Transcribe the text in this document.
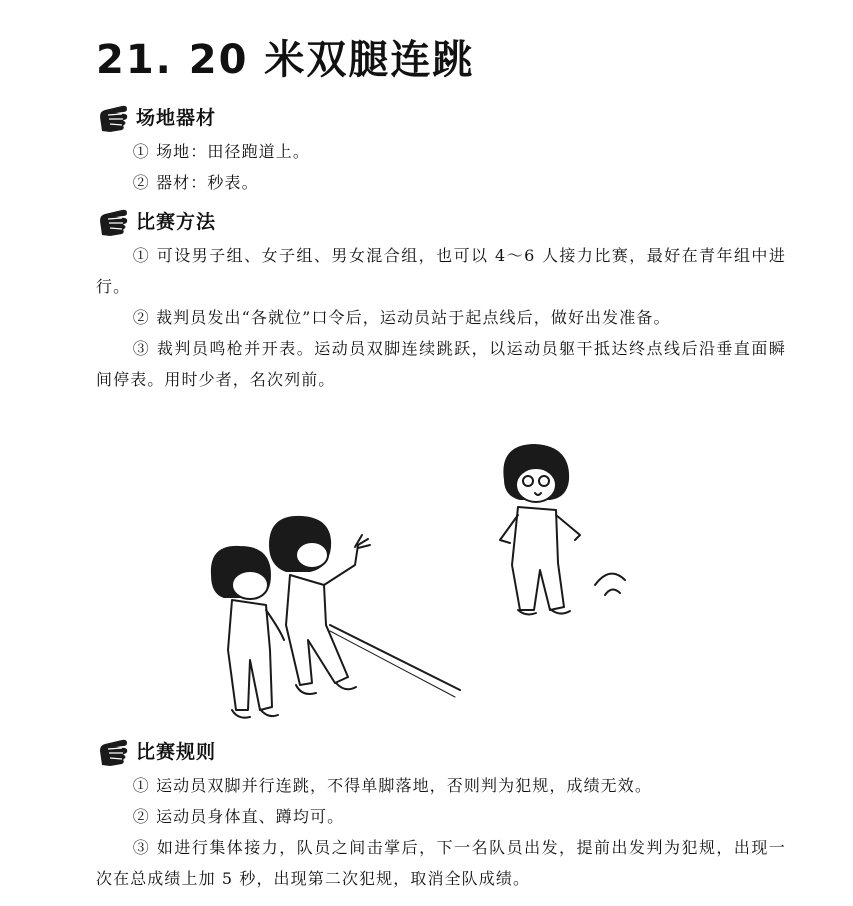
21. 20 米双腿连跳
场地器材

① 场地：田径跑道上。

② 器材：秒表。

比赛方法

① 可设男子组、女子组、男女混合组，也可以 4～6 人接力比赛，最好在青年组中进行。

② 裁判员发出“各就位”口令后，运动员站于起点线后，做好出发准备。

③ 裁判员鸣枪并开表。运动员双脚连续跳跃，以运动员躯干抵达终点线后沿垂直面瞬间停表。用时少者，名次列前。

比赛规则

① 运动员双脚并行连跳，不得单脚落地，否则判为犯规，成绩无效。

② 运动员身体直、蹲均可。

③ 如进行集体接力，队员之间击掌后，下一名队员出发，提前出发判为犯规，出现一次在总成绩上加 5 秒，出现第二次犯规，取消全队成绩。
